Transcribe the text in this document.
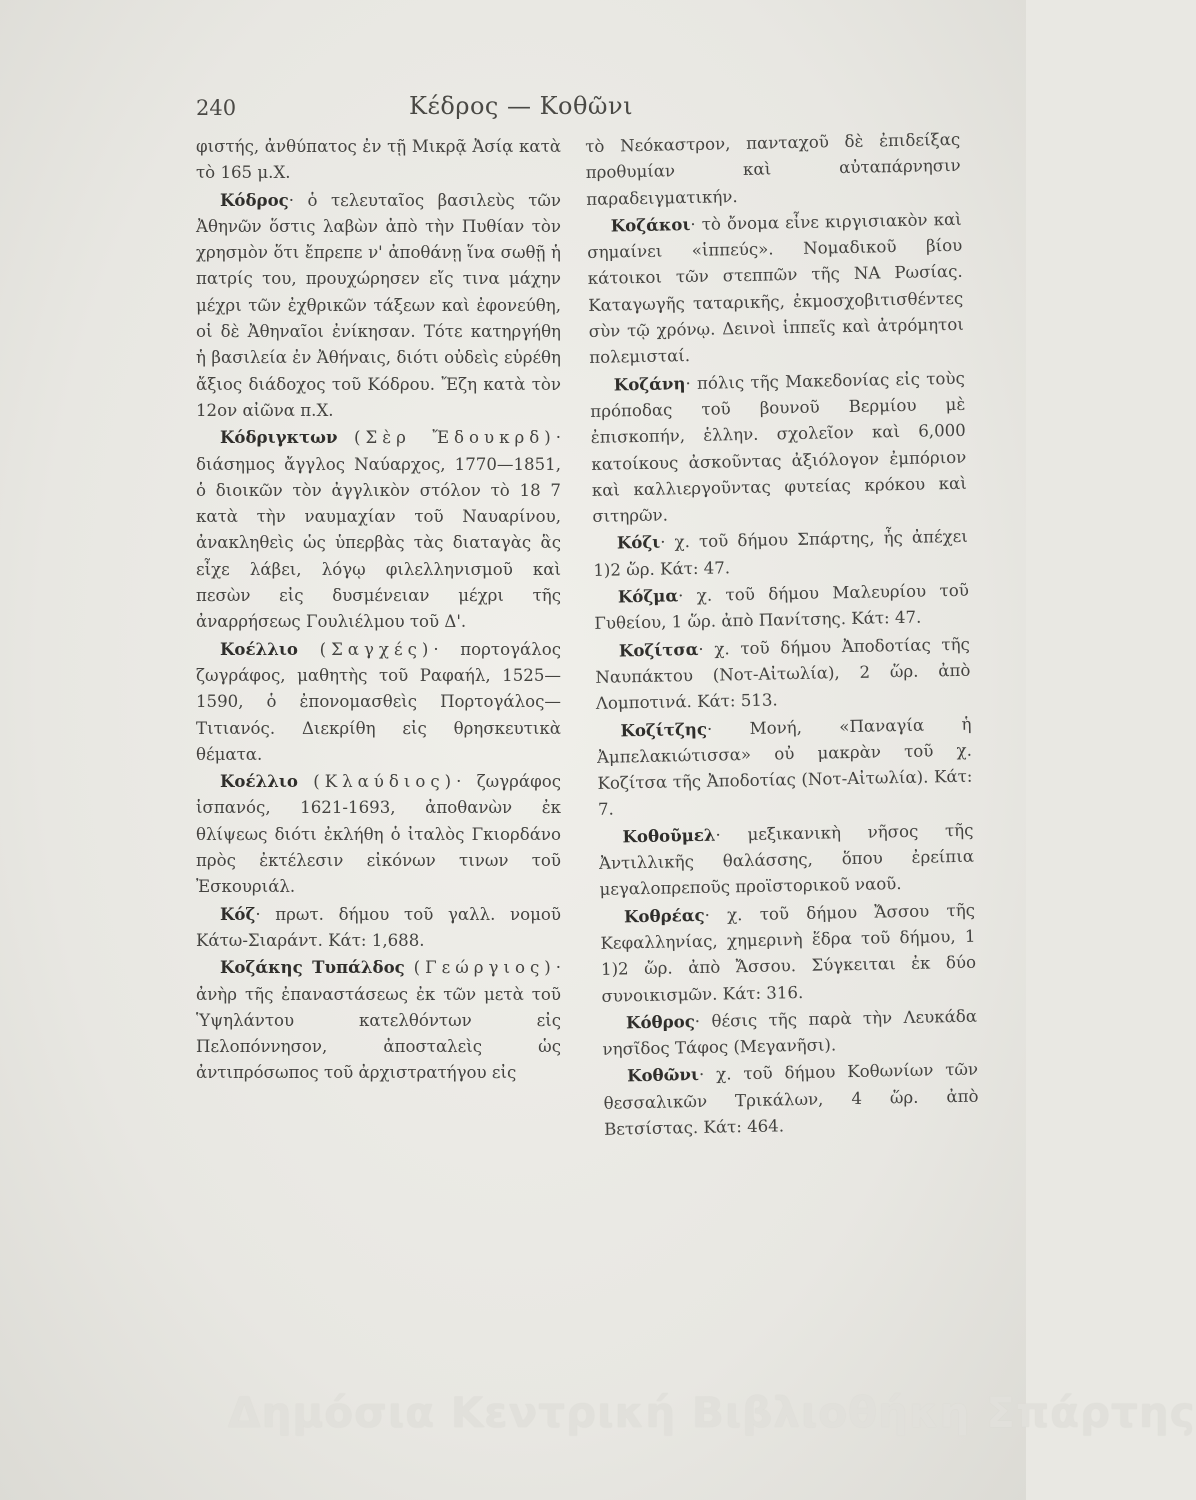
240	Κέδρος — Κοθῶνι

φιστής, ἀνθύπατος ἐν τῇ Μικρᾷ Ἀσίᾳ κατὰ τὸ 165 μ.Χ.

Κόδρος· ὁ τελευταῖος βασιλεὺς τῶν Ἀθηνῶν ὅστις λαβὼν ἀπὸ τὴν Πυθίαν τὸν χρησμὸν ὅτι ἔπρεπε ν' ἀποθάνῃ ἵνα σωθῇ ἡ πατρίς του, προυχώρησεν εἴς τινα μάχην μέχρι τῶν ἐχθρικῶν τάξεων καὶ ἐφονεύθη, οἱ δὲ Ἀθηναῖοι ἐνίκησαν. Τότε κατηργήθη ἡ βασιλεία ἐν Ἀθήναις, διότι οὐδεὶς εὑρέθη ἄξιος διάδοχος τοῦ Κόδρου. Ἔζη κατὰ τὸν 12ον αἰῶνα π.Χ.

Κόδριγκτων (Σὲρ Ἔδουκρδ)· διάσημος ἄγγλος Ναύαρχος, 1770—1851, ὁ διοικῶν τὸν ἀγγλικὸν στόλον τὸ 18 7 κατὰ τὴν ναυμαχίαν τοῦ Ναυαρίνου, ἀνακληθεὶς ὡς ὑπερβὰς τὰς διαταγὰς ἃς εἶχε λάβει, λόγῳ φιλελληνισμοῦ καὶ πεσὼν εἰς δυσμένειαν μέχρι τῆς ἀναρρήσεως Γουλιέλμου τοῦ Δ'.

Κοέλλιο (Σαγχές)· πορτογάλος ζωγράφος, μαθητὴς τοῦ Ραφαήλ, 1525—1590, ὁ ἐπονομασθεὶς Πορτογάλος—Τιτιανός. Διεκρίθη εἰς θρησκευτικὰ θέματα.

Κοέλλιο (Κλαύδιος)· ζωγράφος ἱσπανός, 1621-1693, ἀποθανὼν ἐκ θλίψεως διότι ἐκλήθη ὁ ἰταλὸς Γκιορδάνο πρὸς ἐκτέλεσιν εἰκόνων τινων τοῦ Ἐσκουριάλ.

Κόζ· πρωτ. δήμου τοῦ γαλλ. νομοῦ Κάτω-Σιαράντ. Κάτ: 1,688.

Κοζάκης Τυπάλδος (Γεώργιος)· ἀνὴρ τῆς ἐπαναστάσεως ἐκ τῶν μετὰ τοῦ Ὑψηλάντου κατελθόντων εἰς Πελοπόννησον, ἀποσταλεὶς ὡς ἀντιπρόσωπος τοῦ ἀρχιστρατήγου εἰς

τὸ Νεόκαστρον, πανταχοῦ δὲ ἐπιδείξας προθυμίαν καὶ αὐταπάρνησιν παραδειγματικήν.

Κοζάκοι· τὸ ὄνομα εἶνε κιργισιακὸν καὶ σημαίνει «ἱππεύς». Νομαδικοῦ βίου κάτοικοι τῶν στεππῶν τῆς ΝΑ Ρωσίας. Καταγωγῆς ταταρικῆς, ἐκμοσχοβιτισθέντες σὺν τῷ χρόνῳ. Δεινοὶ ἱππεῖς καὶ ἀτρόμητοι πολεμισταί.

Κοζάνη· πόλις τῆς Μακεδονίας εἰς τοὺς πρόποδας τοῦ βουνοῦ Βερμίου μὲ ἐπισκοπήν, ἑλλην. σχολεῖον καὶ 6,000 κατοίκους ἀσκοῦντας ἀξιόλογον ἐμπόριον καὶ καλλιεργοῦντας φυτείας κρόκου καὶ σιτηρῶν.

Κόζι· χ. τοῦ δήμου Σπάρτης, ἧς ἀπέχει 1)2 ὥρ. Κάτ: 47.

Κόζμα· χ. τοῦ δήμου Μαλευρίου τοῦ Γυθείου, 1 ὥρ. ἀπὸ Πανίτσης. Κάτ: 47.

Κοζίτσα· χ. τοῦ δήμου Ἀποδοτίας τῆς Ναυπάκτου (Νοτ-Αἰτωλία), 2 ὥρ. ἀπὸ Λομποτινά. Κάτ: 513.

Κοζίτζης· Μονή, «Παναγία ἡ Ἀμπελακιώτισσα» οὐ μακρὰν τοῦ χ. Κοζίτσα τῆς Ἀποδοτίας (Νοτ-Αἰτωλία). Κάτ: 7.

Κοθοῦμελ· μεξικανικὴ νῆσος τῆς Ἀντιλλικῆς θαλάσσης, ὅπου ἐρείπια μεγαλοπρεποῦς προϊστορικοῦ ναοῦ.

Κοθρέας· χ. τοῦ δήμου Ἄσσου τῆς Κεφαλληνίας, χημερινὴ ἕδρα τοῦ δήμου, 1 1)2 ὥρ. ἀπὸ Ἄσσου. Σύγκειται ἐκ δύο συνοικισμῶν. Κάτ: 316.

Κόθρος· θέσις τῆς παρὰ τὴν Λευκάδα νησῖδος Τάφος (Μεγανῆσι).

Κοθῶνι· χ. τοῦ δήμου Κοθωνίων τῶν θεσσαλικῶν Τρικάλων, 4 ὥρ. ἀπὸ Βετσίστας. Κάτ: 464.

Δημόσια Κεντρική Βιβλιοθήκη Σπάρτης
